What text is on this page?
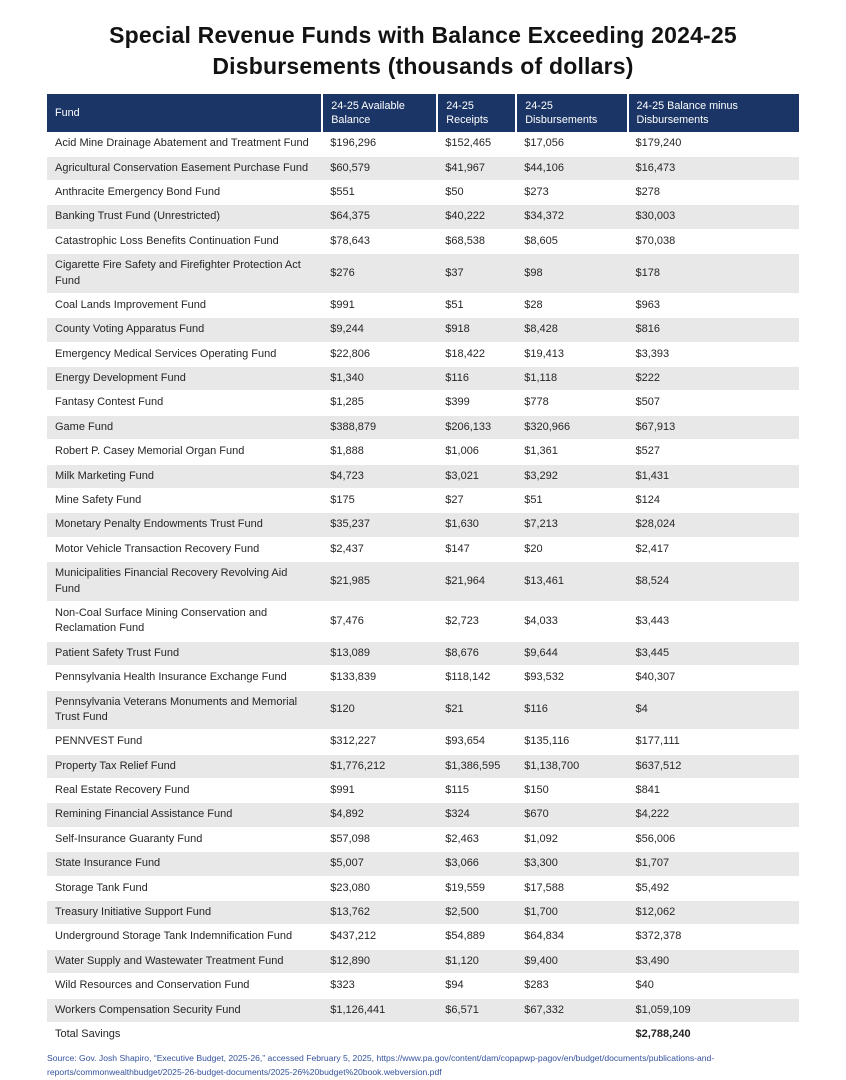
Special Revenue Funds with Balance Exceeding 2024-25
Disbursements (thousands of dollars)
Fund	24-25 Available Balance	24-25 Receipts	24-25 Disbursements	24-25 Balance minus Disbursements
Acid Mine Drainage Abatement and Treatment Fund	$196,296	$152,465	$17,056	$179,240
Agricultural Conservation Easement Purchase Fund	$60,579	$41,967	$44,106	$16,473
Anthracite Emergency Bond Fund	$551	$50	$273	$278
Banking Trust Fund (Unrestricted)	$64,375	$40,222	$34,372	$30,003
Catastrophic Loss Benefits Continuation Fund	$78,643	$68,538	$8,605	$70,038
Cigarette Fire Safety and Firefighter Protection Act Fund	$276	$37	$98	$178
Coal Lands Improvement Fund	$991	$51	$28	$963
County Voting Apparatus Fund	$9,244	$918	$8,428	$816
Emergency Medical Services Operating Fund	$22,806	$18,422	$19,413	$3,393
Energy Development Fund	$1,340	$116	$1,118	$222
Fantasy Contest Fund	$1,285	$399	$778	$507
Game Fund	$388,879	$206,133	$320,966	$67,913
Robert P. Casey Memorial Organ Fund	$1,888	$1,006	$1,361	$527
Milk Marketing Fund	$4,723	$3,021	$3,292	$1,431
Mine Safety Fund	$175	$27	$51	$124
Monetary Penalty Endowments Trust Fund	$35,237	$1,630	$7,213	$28,024
Motor Vehicle Transaction Recovery Fund	$2,437	$147	$20	$2,417
Municipalities Financial Recovery Revolving Aid Fund	$21,985	$21,964	$13,461	$8,524
Non-Coal Surface Mining Conservation and Reclamation Fund	$7,476	$2,723	$4,033	$3,443
Patient Safety Trust Fund	$13,089	$8,676	$9,644	$3,445
Pennsylvania Health Insurance Exchange Fund	$133,839	$118,142	$93,532	$40,307
Pennsylvania Veterans Monuments and Memorial Trust Fund	$120	$21	$116	$4
PENNVEST Fund	$312,227	$93,654	$135,116	$177,111
Property Tax Relief Fund	$1,776,212	$1,386,595	$1,138,700	$637,512
Real Estate Recovery Fund	$991	$115	$150	$841
Remining Financial Assistance Fund	$4,892	$324	$670	$4,222
Self-Insurance Guaranty Fund	$57,098	$2,463	$1,092	$56,006
State Insurance Fund	$5,007	$3,066	$3,300	$1,707
Storage Tank Fund	$23,080	$19,559	$17,588	$5,492
Treasury Initiative Support Fund	$13,762	$2,500	$1,700	$12,062
Underground Storage Tank Indemnification Fund	$437,212	$54,889	$64,834	$372,378
Water Supply and Wastewater Treatment Fund	$12,890	$1,120	$9,400	$3,490
Wild Resources and Conservation Fund	$323	$94	$283	$40
Workers Compensation Security Fund	$1,126,441	$6,571	$67,332	$1,059,109
Total Savings				$2,788,240

Source: Gov. Josh Shapiro, “Executive Budget, 2025-26,” accessed February 5, 2025, https://www.pa.gov/content/dam/copapwp-pagov/en/budget/documents/publications-and-reports/commonwealthbudget/2025-26-budget-documents/2025-26%20budget%20book.webversion.pdf
